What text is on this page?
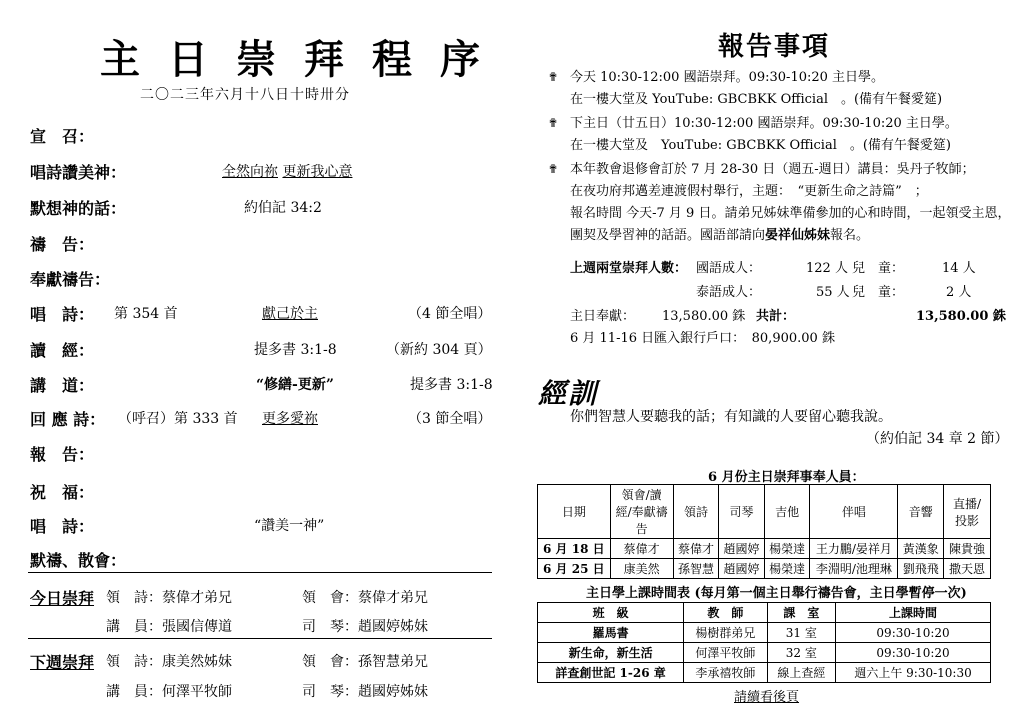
主日崇拜程序
二〇二三年六月十八日十時卅分
宣　召：
唱詩讚美神：	全然向祢 更新我心意
默想神的話：	約伯記 34:2
禱　告：
奉獻禱告：
唱　詩： 第 354 首	獻己於主	（4 節全唱）
讀　經：	提多書 3:1-8	（新約 304 頁）
講　道：	“修繕-更新”	提多書 3:1-8
回 應 詩： （呼召）第 333 首 更多愛祢	（3 節全唱）
報　告：
祝　福：
唱　詩：	“讚美一神”
默禱、散會：
今日崇拜 領　詩：蔡偉才弟兄	領　會：蔡偉才弟兄
講　員：張國信傳道	司　琴：趙國婷姊妹
下週崇拜 領　詩：康美然姊妹	領　會：孫智慧弟兄
講　員：何澤平牧師	司　琴：趙國婷姊妹
報告事項
✟ 今天 10:30-12:00 國語崇拜。09:30-10:20 主日學。
在一樓大堂及 YouTube: GBCBKK Official　。(備有午餐愛筵)
✟ 下主日（廿五日）10:30-12:00 國語崇拜。09:30-10:20 主日學。
在一樓大堂及　YouTube: GBCBKK Official　。(備有午餐愛筵)
✟ 本年教會退修會訂於 7 月 28-30 日（週五-週日）講員：吳丹子牧師；
在夜功府邦邁差連渡假村舉行，主題：　“更新生命之詩篇”　；
報名時間 今天-7 月 9 日。請弟兄姊妹準備參加的心和時間，一起領受主恩，
團契及學習神的話語。國語部請向晏祥仙姊妹報名。
上週兩堂崇拜人數： 國語成人：	122 人 兒　童：	14 人
泰語成人：	55 人 兒　童：	2 人
主日奉獻： 13,580.00 銖 共計：	13,580.00 銖
6 月 11-16 日匯入銀行戶口：　80,900.00 銖
經訓
你們智慧人要聽我的話；有知識的人要留心聽我說。
（約伯記 34 章 2 節）
6 月份主日崇拜事奉人員：
日期	領會/讀經/奉獻禱告	領詩	司琴	吉他	伴唱	音響	直播/投影
6 月 18 日	蔡偉才	蔡偉才	趙國婷	楊榮達	王力鵬/晏祥月	黃漢象	陳貴強
6 月 25 日	康美然	孫智慧	趙國婷	楊榮達	李淵明/池理琳	劉飛飛	撒天恩
主日學上課時間表 (每月第一個主日舉行禱告會，主日學暫停一次)
班　級	教　師	課　室	上課時間
羅馬書	楊樹群弟兄	31 室	09:30-10:20
新生命，新生活	何澤平牧師	32 室	09:30-10:20
詳查創世記 1-26 章	李承禧牧師	線上查經	週六上午 9:30-10:30
請續看後頁
